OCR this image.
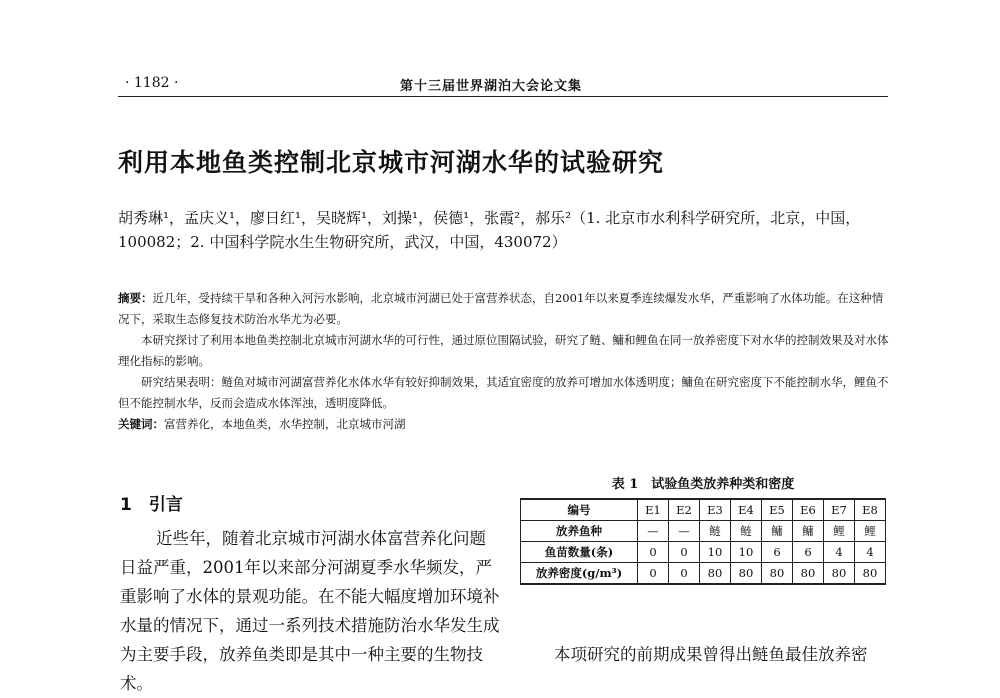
· 1182 ·	第十三届世界湖泊大会论文集
利用本地鱼类控制北京城市河湖水华的试验研究
胡秀琳¹，孟庆义¹，廖日红¹，吴晓辉¹，刘操¹，侯德¹，张霞²，郝乐²（1. 北京市水利科学研究所，北京，中国，100082；2. 中国科学院水生生物研究所，武汉，中国，430072）

摘要：近几年，受持续干旱和各种入河污水影响，北京城市河湖已处于富营养状态，自2001年以来夏季连续爆发水华，严重影响了水体功能。在这种情况下，采取生态修复技术防治水华尤为必要。

本研究探讨了利用本地鱼类控制北京城市河湖水华的可行性，通过原位围隔试验，研究了鲢、鳙和鲤鱼在同一放养密度下对水华的控制效果及对水体理化指标的影响。

研究结果表明：鲢鱼对城市河湖富营养化水体水华有较好抑制效果，其适宜密度的放养可增加水体透明度；鳙鱼在研究密度下不能控制水华，鲤鱼不但不能控制水华，反而会造成水体浑浊，透明度降低。

关键词：富营养化，本地鱼类，水华控制，北京城市河湖

1　引言

近些年，随着北京城市河湖水体富营养化问题日益严重，2001年以来部分河湖夏季水华频发，严重影响了水体的景观功能。在不能大幅度增加环境补水量的情况下，通过一系列技术措施防治水华发生成为主要手段，放养鱼类即是其中一种主要的生物技术。

表 1　试验鱼类放养种类和密度
编号	E1	E2	E3	E4	E5	E6	E7	E8
放养鱼种	—	—	鲢	鲢	鳙	鳙	鲤	鲤
鱼苗数量(条)	0	0	10	10	6	6	4	4
放养密度(g/m³)	0	0	80	80	80	80	80	80

本项研究的前期成果曾得出鲢鱼最佳放养密
